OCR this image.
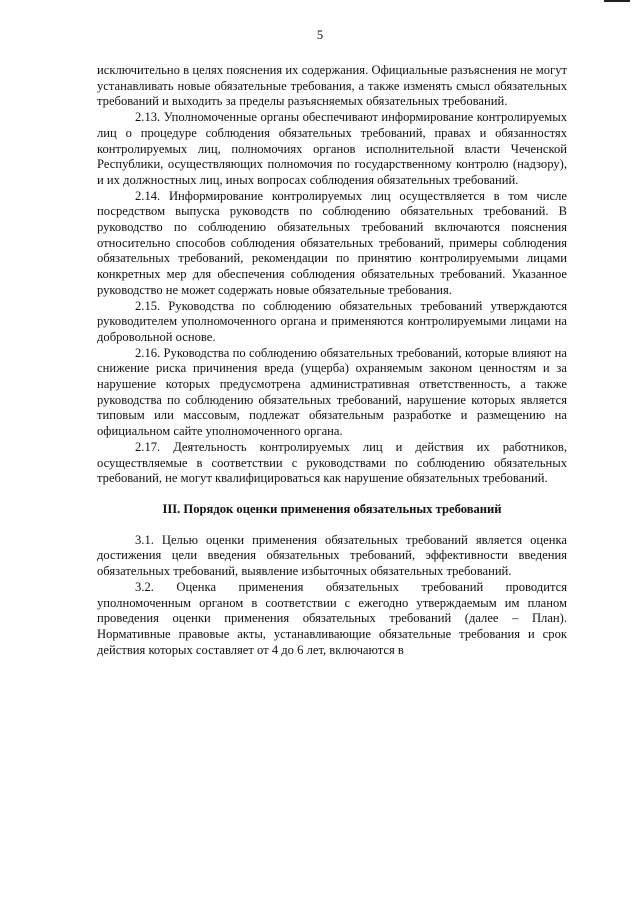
5

исключительно в целях пояснения их содержания. Официальные разъяснения не могут устанавливать новые обязательные требования, а также изменять смысл обязательных требований и выходить за пределы разъясняемых обязательных требований.

2.13. Уполномоченные органы обеспечивают информирование контролируемых лиц о процедуре соблюдения обязательных требований, правах и обязанностях контролируемых лиц, полномочиях органов исполнительной власти Чеченской Республики, осуществляющих полномочия по государственному контролю (надзору), и их должностных лиц, иных вопросах соблюдения обязательных требований.

2.14. Информирование контролируемых лиц осуществляется в том числе посредством выпуска руководств по соблюдению обязательных требований. В руководство по соблюдению обязательных требований включаются пояснения относительно способов соблюдения обязательных требований, примеры соблюдения обязательных требований, рекомендации по принятию контролируемыми лицами конкретных мер для обеспечения соблюдения обязательных требований. Указанное руководство не может содержать новые обязательные требования.

2.15. Руководства по соблюдению обязательных требований утверждаются руководителем уполномоченного органа и применяются контролируемыми лицами на добровольной основе.

2.16. Руководства по соблюдению обязательных требований, которые влияют на снижение риска причинения вреда (ущерба) охраняемым законом ценностям и за нарушение которых предусмотрена административная ответственность, а также руководства по соблюдению обязательных требований, нарушение которых является типовым или массовым, подлежат обязательным разработке и размещению на официальном сайте уполномоченного органа.

2.17. Деятельность контролируемых лиц и действия их работников, осуществляемые в соответствии с руководствами по соблюдению обязательных требований, не могут квалифицироваться как нарушение обязательных требований.

III. Порядок оценки применения обязательных требований

3.1. Целью оценки применения обязательных требований является оценка достижения цели введения обязательных требований, эффективности введения обязательных требований, выявление избыточных обязательных требований.

3.2. Оценка применения обязательных требований проводится уполномоченным органом в соответствии с ежегодно утверждаемым им планом проведения оценки применения обязательных требований (далее – План). Нормативные правовые акты, устанавливающие обязательные требования и срок действия которых составляет от 4 до 6 лет, включаются в
